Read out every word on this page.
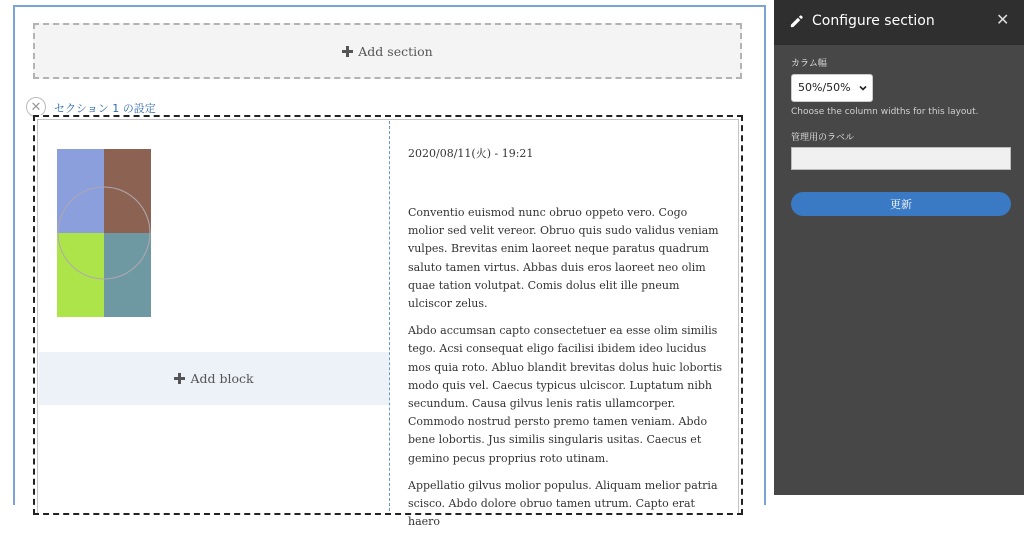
Add section
✕ セクション 1 の設定
Add block
2020/08/11(火) - 19:21

Conventio euismod nunc obruo oppeto vero. Cogo molior sed velit vereor. Obruo quis sudo validus veniam vulpes. Brevitas enim laoreet neque paratus quadrum saluto tamen virtus. Abbas duis eros laoreet neo olim quae tation volutpat. Comis dolus elit ille pneum ulciscor zelus.

Abdo accumsan capto consectetuer ea esse olim similis tego. Acsi consequat eligo facilisi ibidem ideo lucidus mos quia roto. Abluo blandit brevitas dolus huic lobortis modo quis vel. Caecus typicus ulciscor. Luptatum nibh secundum. Causa gilvus lenis ratis ullamcorper. Commodo nostrud persto premo tamen veniam. Abdo bene lobortis. Jus similis singularis usitas. Caecus et gemino pecus proprius roto utinam.

Appellatio gilvus molior populus. Aliquam melior patria scisco. Abdo dolore obruo tamen utrum. Capto erat haero

Configure section	✕
カラム幅
50%/50%
Choose the column widths for this layout.
管理用のラベル
更新
